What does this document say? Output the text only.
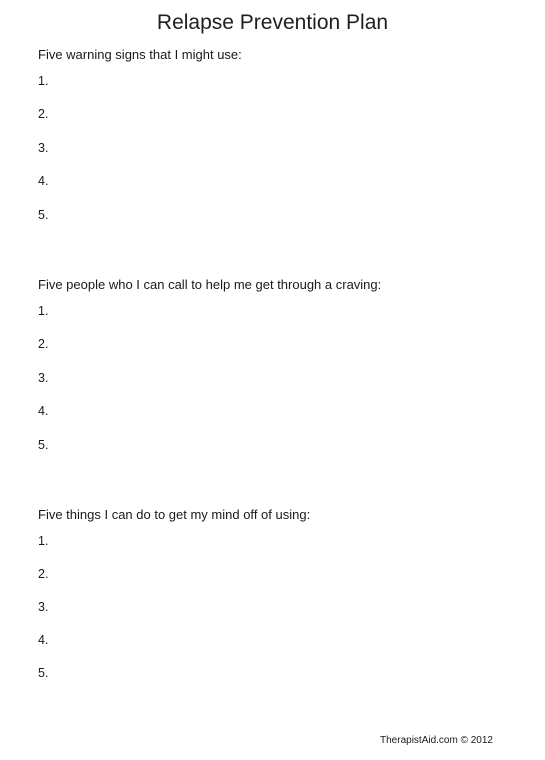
Relapse Prevention Plan

Five warning signs that I might use:

1.
2.
3.
4.
5.

Five people who I can call to help me get through a craving:

1.
2.
3.
4.
5.

Five things I can do to get my mind off of using:

1.
2.
3.
4.
5.
TherapistAid.com © 2012
